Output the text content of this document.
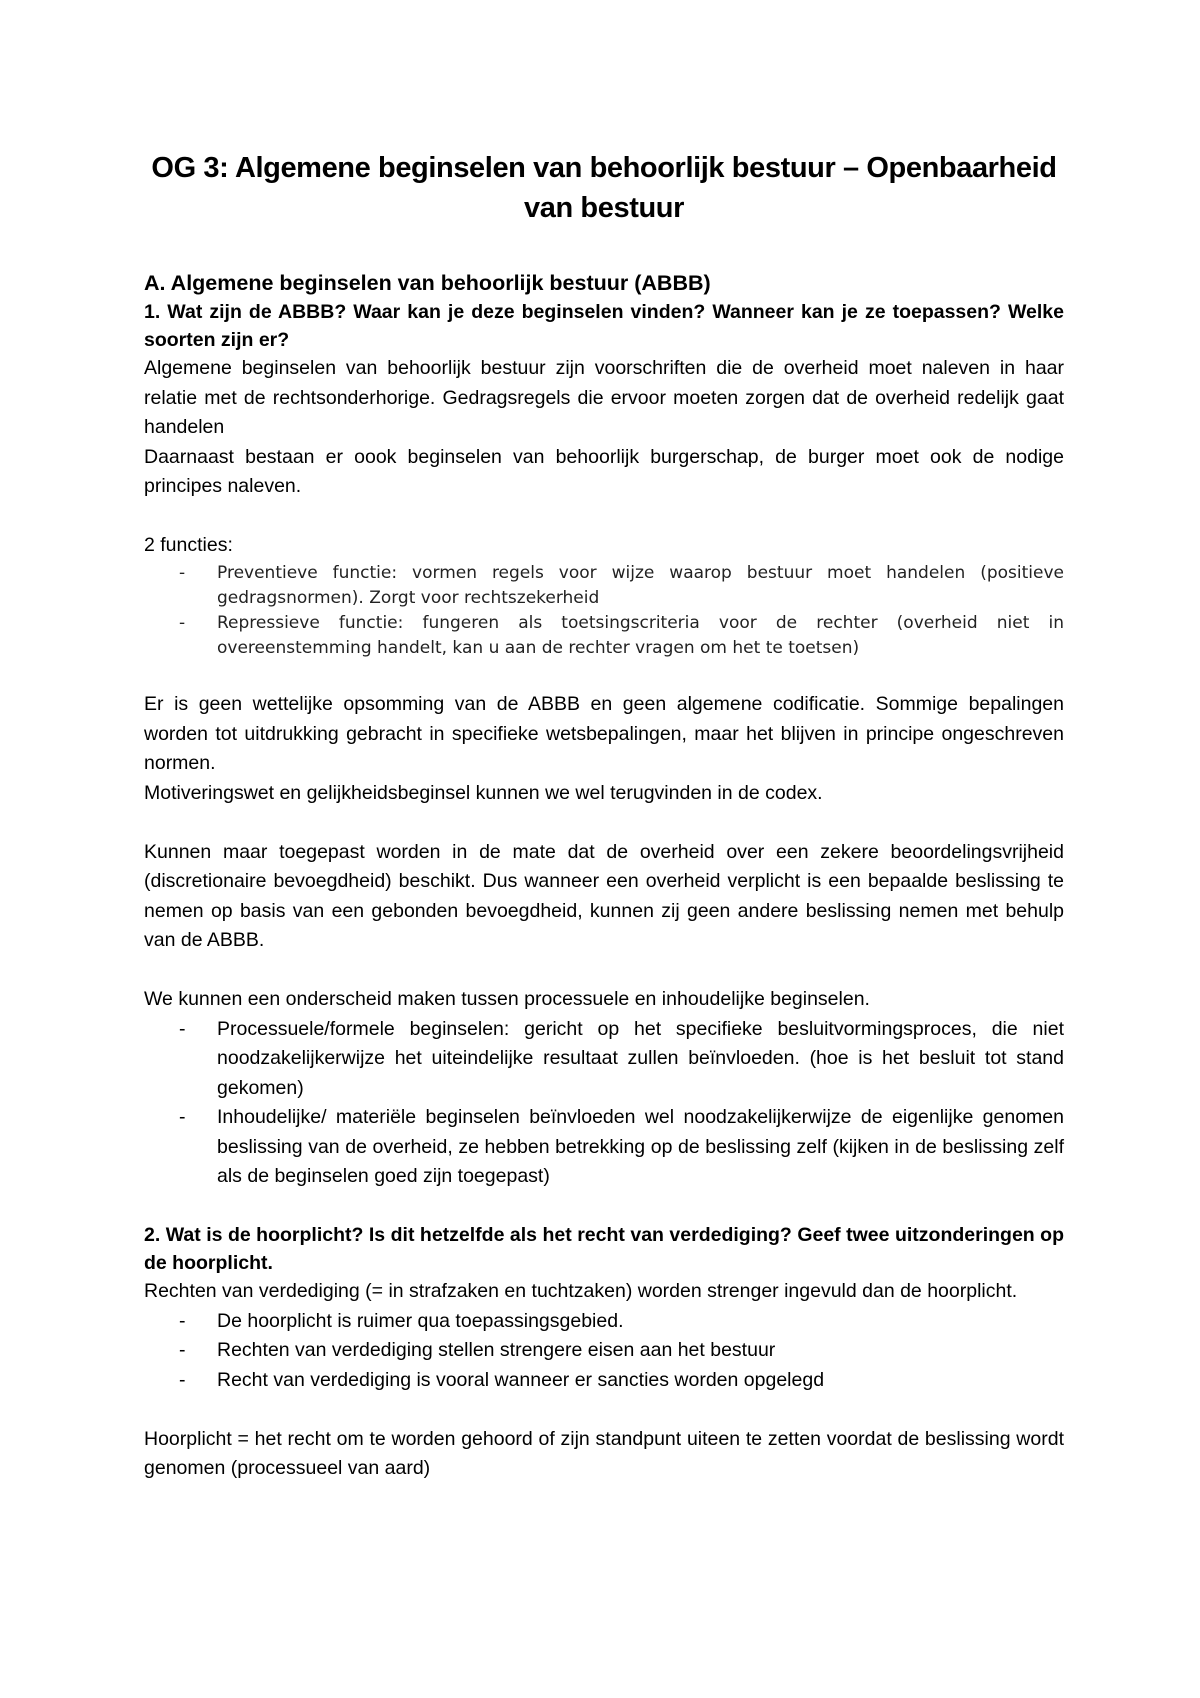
OG 3: Algemene beginselen van behoorlijk bestuur – Openbaarheid van bestuur
A. Algemene beginselen van behoorlijk bestuur (ABBB)

1. Wat zijn de ABBB? Waar kan je deze beginselen vinden? Wanneer kan je ze toepassen? Welke soorten zijn er?

Algemene beginselen van behoorlijk bestuur zijn voorschriften die de overheid moet naleven in haar relatie met de rechtsonderhorige. Gedragsregels die ervoor moeten zorgen dat de overheid redelijk gaat handelen

Daarnaast bestaan er oook beginselen van behoorlijk burgerschap, de burger moet ook de nodige principes naleven.

2 functies:

- Preventieve functie: vormen regels voor wijze waarop bestuur moet handelen (positieve gedragsnormen). Zorgt voor rechtszekerheid
- Repressieve functie: fungeren als toetsingscriteria voor de rechter (overheid niet in overeenstemming handelt, kan u aan de rechter vragen om het te toetsen)

Er is geen wettelijke opsomming van de ABBB en geen algemene codificatie. Sommige bepalingen worden tot uitdrukking gebracht in specifieke wetsbepalingen, maar het blijven in principe ongeschreven normen.

Motiveringswet en gelijkheidsbeginsel kunnen we wel terugvinden in de codex.

Kunnen maar toegepast worden in de mate dat de overheid over een zekere beoordelingsvrijheid (discretionaire bevoegdheid) beschikt. Dus wanneer een overheid verplicht is een bepaalde beslissing te nemen op basis van een gebonden bevoegdheid, kunnen zij geen andere beslissing nemen met behulp van de ABBB.

We kunnen een onderscheid maken tussen processuele en inhoudelijke beginselen.

- Processuele/formele beginselen: gericht op het specifieke besluitvormingsproces, die niet noodzakelijkerwijze het uiteindelijke resultaat zullen beïnvloeden. (hoe is het besluit tot stand gekomen)
- Inhoudelijke/ materiële beginselen beïnvloeden wel noodzakelijkerwijze de eigenlijke genomen beslissing van de overheid, ze hebben betrekking op de beslissing zelf (kijken in de beslissing zelf als de beginselen goed zijn toegepast)

2. Wat is de hoorplicht? Is dit hetzelfde als het recht van verdediging? Geef twee uitzonderingen op de hoorplicht.

Rechten van verdediging (= in strafzaken en tuchtzaken) worden strenger ingevuld dan de hoorplicht.

- De hoorplicht is ruimer qua toepassingsgebied.
- Rechten van verdediging stellen strengere eisen aan het bestuur
- Recht van verdediging is vooral wanneer er sancties worden opgelegd

Hoorplicht = het recht om te worden gehoord of zijn standpunt uiteen te zetten voordat de beslissing wordt genomen (processueel van aard)
